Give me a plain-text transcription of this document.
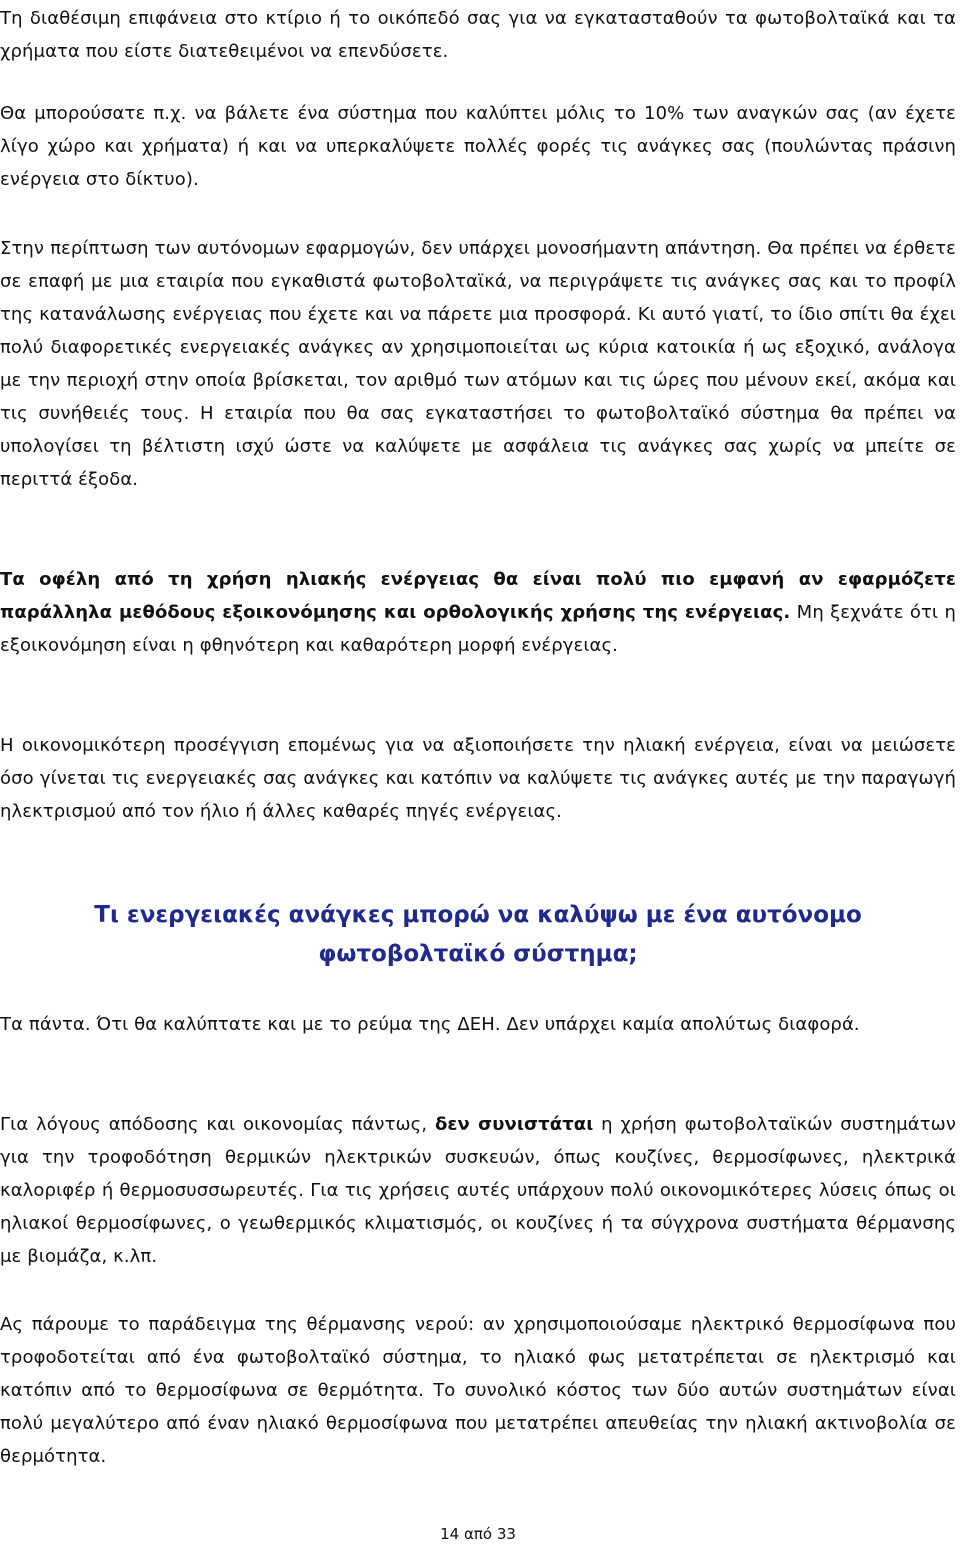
Τη διαθέσιμη επιφάνεια στο κτίριο ή το οικόπεδό σας για να εγκατασταθούν τα φωτοβολταϊκά και τα χρήματα που είστε διατεθειμένοι να επενδύσετε.

Θα μπορούσατε π.χ. να βάλετε ένα σύστημα που καλύπτει μόλις το 10% των αναγκών σας (αν έχετε λίγο χώρο και χρήματα) ή και να υπερκαλύψετε πολλές φορές τις ανάγκες σας (πουλώντας πράσινη ενέργεια στο δίκτυο).

Στην περίπτωση των αυτόνομων εφαρμογών, δεν υπάρχει μονοσήμαντη απάντηση. Θα πρέπει να έρθετε σε επαφή με μια εταιρία που εγκαθιστά φωτοβολταϊκά, να περιγράψετε τις ανάγκες σας και το προφίλ της κατανάλωσης ενέργειας που έχετε και να πάρετε μια προσφορά. Κι αυτό γιατί, το ίδιο σπίτι θα έχει πολύ διαφορετικές ενεργειακές ανάγκες αν χρησιμοποιείται ως κύρια κατοικία ή ως εξοχικό, ανάλογα με την περιοχή στην οποία βρίσκεται, τον αριθμό των ατόμων και τις ώρες που μένουν εκεί, ακόμα και τις συνήθειές τους. Η εταιρία που θα σας εγκαταστήσει το φωτοβολταϊκό σύστημα θα πρέπει να υπολογίσει τη βέλτιστη ισχύ ώστε να καλύψετε με ασφάλεια τις ανάγκες σας χωρίς να μπείτε σε περιττά έξοδα.

Τα οφέλη από τη χρήση ηλιακής ενέργειας θα είναι πολύ πιο εμφανή αν εφαρμόζετε παράλληλα μεθόδους εξοικονόμησης και ορθολογικής χρήσης της ενέργειας. Μη ξεχνάτε ότι η εξοικονόμηση είναι η φθηνότερη και καθαρότερη μορφή ενέργειας.

Η οικονομικότερη προσέγγιση επομένως για να αξιοποιήσετε την ηλιακή ενέργεια, είναι να μειώσετε όσο γίνεται τις ενεργειακές σας ανάγκες και κατόπιν να καλύψετε τις ανάγκες αυτές με την παραγωγή ηλεκτρισμού από τον ήλιο ή άλλες καθαρές πηγές ενέργειας.

Τι ενεργειακές ανάγκες μπορώ να καλύψω με ένα αυτόνομο
φωτοβολταϊκό σύστημα;

Τα πάντα. Ότι θα καλύπτατε και με το ρεύμα της ΔΕΗ. Δεν υπάρχει καμία απολύτως διαφορά.

Για λόγους απόδοσης και οικονομίας πάντως, δεν συνιστάται η χρήση φωτοβολταϊκών συστημάτων για την τροφοδότηση θερμικών ηλεκτρικών συσκευών, όπως κουζίνες, θερμοσίφωνες, ηλεκτρικά καλοριφέρ ή θερμοσυσσωρευτές. Για τις χρήσεις αυτές υπάρχουν πολύ οικονομικότερες λύσεις όπως οι ηλιακοί θερμοσίφωνες, ο γεωθερμικός κλιματισμός, οι κουζίνες ή τα σύγχρονα συστήματα θέρμανσης με βιομάζα, κ.λπ.

Ας πάρουμε το παράδειγμα της θέρμανσης νερού: αν χρησιμοποιούσαμε ηλεκτρικό θερμοσίφωνα που τροφοδοτείται από ένα φωτοβολταϊκό σύστημα, το ηλιακό φως μετατρέπεται σε ηλεκτρισμό και κατόπιν από το θερμοσίφωνα σε θερμότητα. Το συνολικό κόστος των δύο αυτών συστημάτων είναι πολύ μεγαλύτερο από έναν ηλιακό θερμοσίφωνα που μετατρέπει απευθείας την ηλιακή ακτινοβολία σε θερμότητα.

14 από 33
